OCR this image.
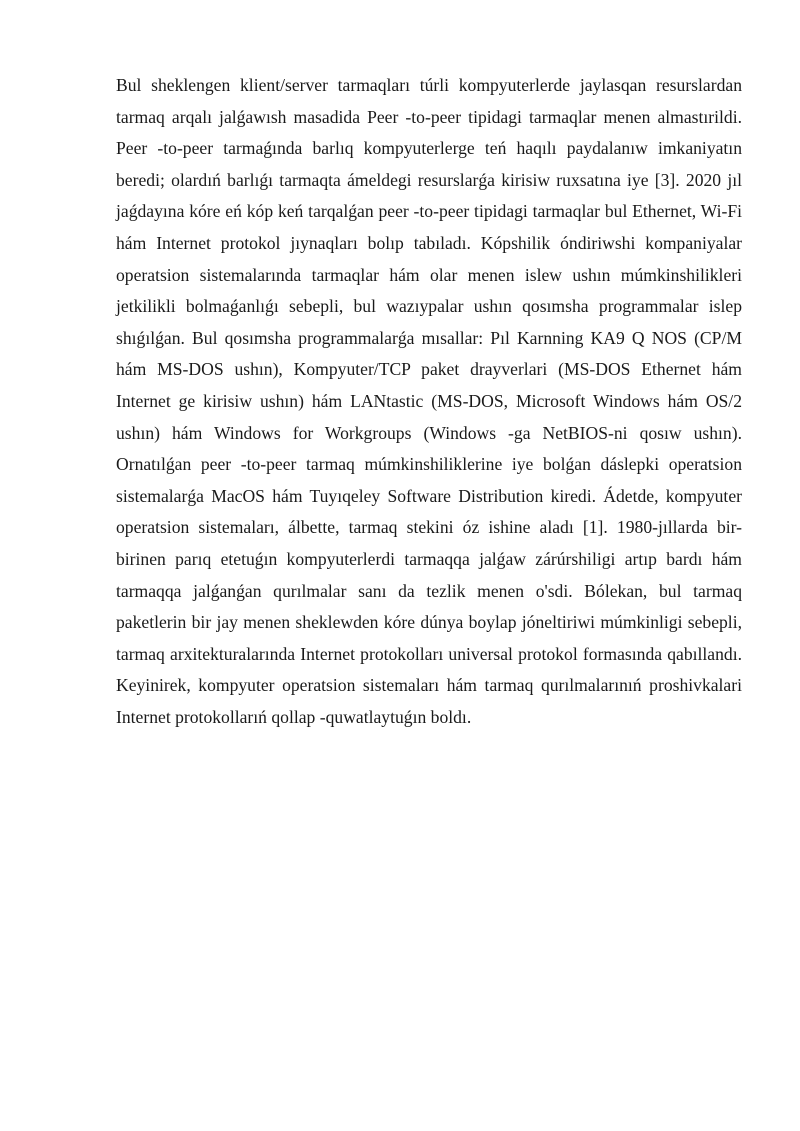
Bul sheklengen klient/server tarmaqları túrli kompyuterlerde jaylasqan resurslardan tarmaq arqalı jalǵawısh masadida Peer -to-peer tipidagi tarmaqlar menen almastırildi. Peer -to-peer tarmaǵında barlıq kompyuterlerge teń haqılı paydalanıw imkaniyatın beredi; olardıń barlıǵı tarmaqta ámeldegi resurslarǵa kirisiw ruxsatına iye [3]. 2020 jıl jaǵdayına kóre eń kóp keń tarqalǵan peer -to-peer tipidagi tarmaqlar bul Ethernet, Wi-Fi hám Internet protokol jıynaqları bolıp tabıladı. Kópshilik óndiriwshi kompaniyalar operatsion sistemalarında tarmaqlar hám olar menen islew ushın múmkinshilikleri jetkilikli bolmaǵanlıǵı sebepli, bul wazıypalar ushın qosımsha programmalar islep shıǵılǵan. Bul qosımsha programmalarǵa mısallar: Pıl Karnning KA9 Q NOS (CP/M hám MS-DOS ushın), Kompyuter/TCP paket drayverlari (MS-DOS Ethernet hám Internet ge kirisiw ushın) hám LANtastic (MS-DOS, Microsoft Windows hám OS/2 ushın) hám Windows for Workgroups (Windows -ga NetBIOS-ni qosıw ushın). Ornatılǵan peer -to-peer tarmaq múmkinshiliklerine iye bolǵan dáslepki operatsion sistemalarǵa MacOS hám Tuyıqeley Software Distribution kiredi. Ádetde, kompyuter operatsion sistemaları, álbette, tarmaq stekini óz ishine aladı [1]. 1980-jıllarda bir-birinen parıq etetuǵın kompyuterlerdi tarmaqqa jalǵaw zárúrshiligi artıp bardı hám tarmaqqa jalǵanǵan qurılmalar sanı da tezlik menen o'sdi. Bólekan, bul tarmaq paketlerin bir jay menen sheklewden kóre dúnya boylap jóneltiriwi múmkinligi sebepli, tarmaq arxitekturalarında Internet protokolları universal protokol formasında qabıllandı. Keyinirek, kompyuter operatsion sistemaları hám tarmaq qurılmalarınıń proshivkalari Internet protokollarıń qollap -quwatlaytuǵın boldı.
